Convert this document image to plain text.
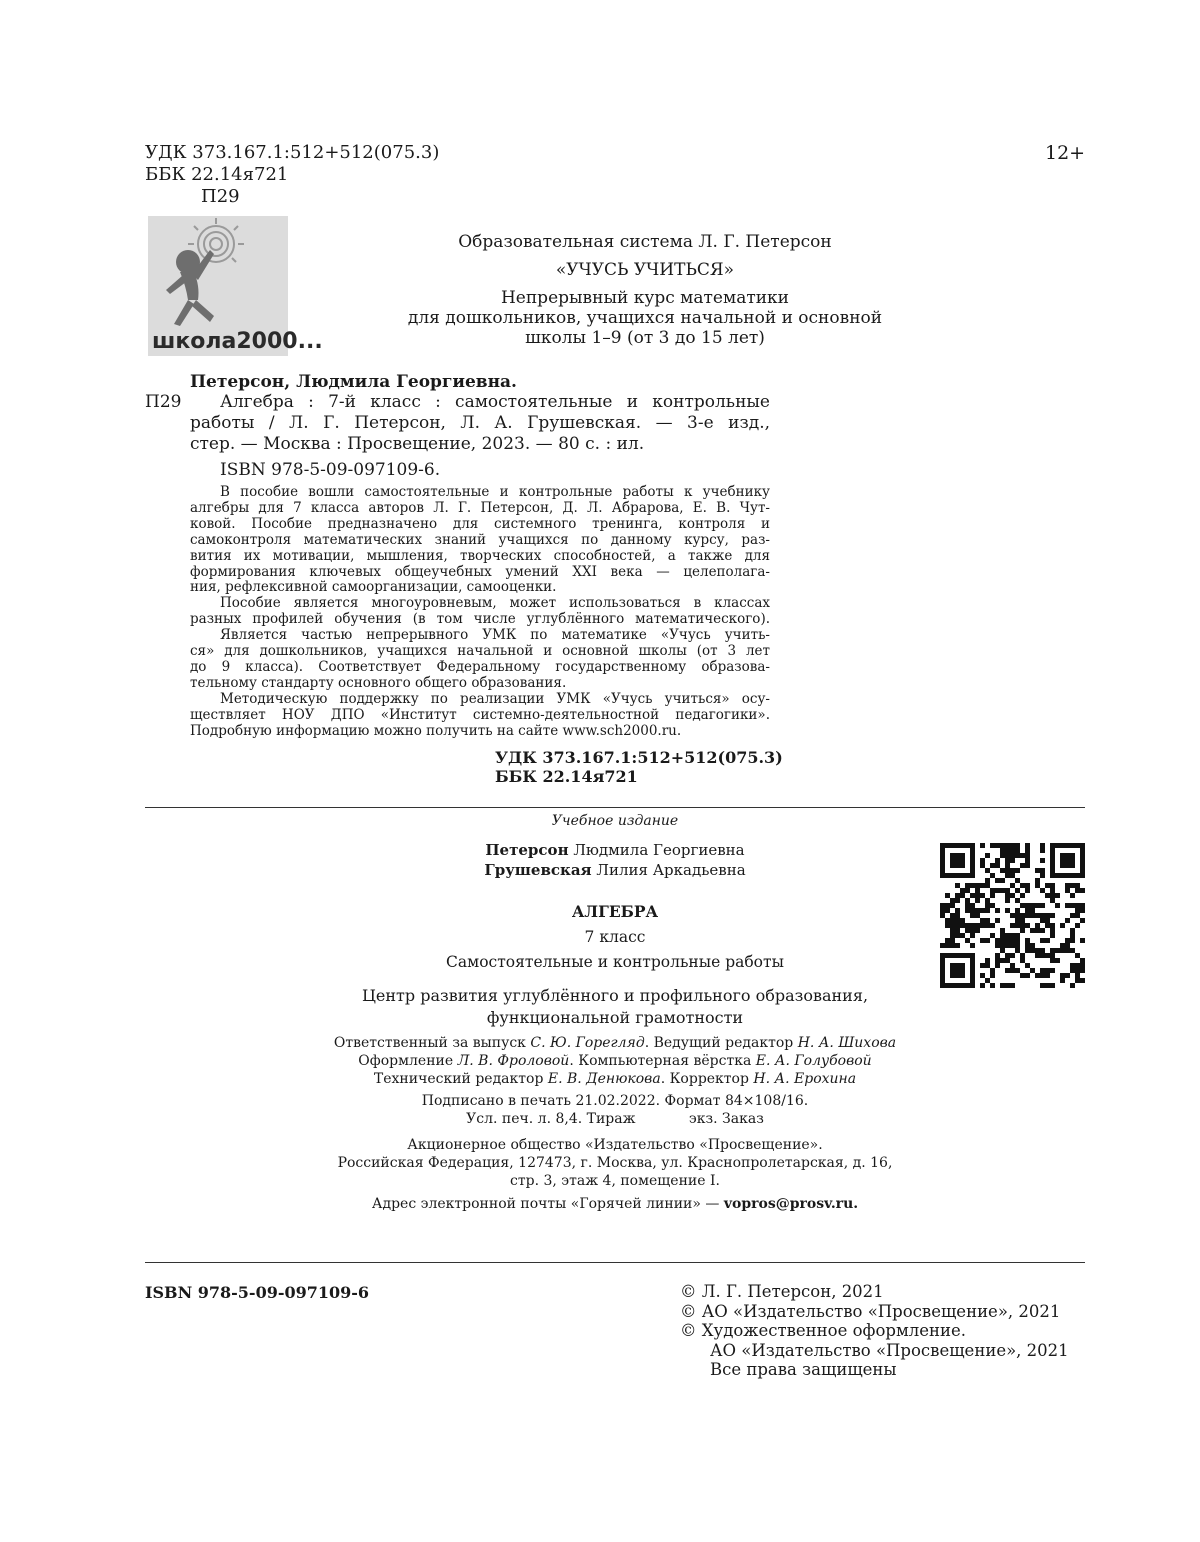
УДК 373.167.1:512+512(075.3)
ББК 22.14я721
П29
12+
школа2000...
Образовательная система Л. Г. Петерсон
«УЧУСЬ УЧИТЬСЯ»
Непрерывный курс математики
для дошкольников, учащихся начальной и основной
школы 1–9 (от 3 до 15 лет)
Петерсон, Людмила Георгиевна.
П29 Алгебра : 7-й класс : самостоятельные и контрольные
работы / Л. Г. Петерсон, Л. А. Грушевская. — 3-е изд.,
стер. — Москва : Просвещение, 2023. — 80 с. : ил.
ISBN 978-5-09-097109-6.
В пособие вошли самостоятельные и контрольные работы к учебнику
алгебры для 7 класса авторов Л. Г. Петерсон, Д. Л. Абрарова, Е. В. Чут-
ковой. Пособие предназначено для системного тренинга, контроля и
самоконтроля математических знаний учащихся по данному курсу, раз-
вития их мотивации, мышления, творческих способностей, а также для
формирования ключевых общеучебных умений XXI века — целеполага-
ния, рефлексивной самоорганизации, самооценки.
Пособие является многоуровневым, может использоваться в классах
разных профилей обучения (в том числе углублённого математического).
Является частью непрерывного УМК по математике «Учусь учить-
ся» для дошкольников, учащихся начальной и основной школы (от 3 лет
до 9 класса). Соответствует Федеральному государственному образова-
тельному стандарту основного общего образования.
Методическую поддержку по реализации УМК «Учусь учиться» осу-
ществляет НОУ ДПО «Институт системно-деятельностной педагогики».
Подробную информацию можно получить на сайте www.sch2000.ru.
УДК 373.167.1:512+512(075.3)
ББК 22.14я721
Учебное издание
Петерсон Людмила Георгиевна
Грушевская Лилия Аркадьевна
АЛГЕБРА
7 класс
Самостоятельные и контрольные работы
Центр развития углублённого и профильного образования,
функциональной грамотности
Ответственный за выпуск С. Ю. Горегляд. Ведущий редактор Н. А. Шихова
Оформление Л. В. Фроловой. Компьютерная вёрстка Е. А. Голубовой
Технический редактор Е. В. Денюкова. Корректор Н. А. Ерохина
Подписано в печать 21.02.2022. Формат 84×108/16.
Усл. печ. л. 8,4. Тираж            экз. Заказ
Акционерное общество «Издательство «Просвещение».
Российская Федерация, 127473, г. Москва, ул. Краснопролетарская, д. 16,
стр. 3, этаж 4, помещение I.
Адрес электронной почты «Горячей линии» — vopros@prosv.ru.
ISBN 978-5-09-097109-6	© Л. Г. Петерсон, 2021
© АО «Издательство «Просвещение», 2021
© Художественное оформление.
АО «Издательство «Просвещение», 2021
Все права защищены
